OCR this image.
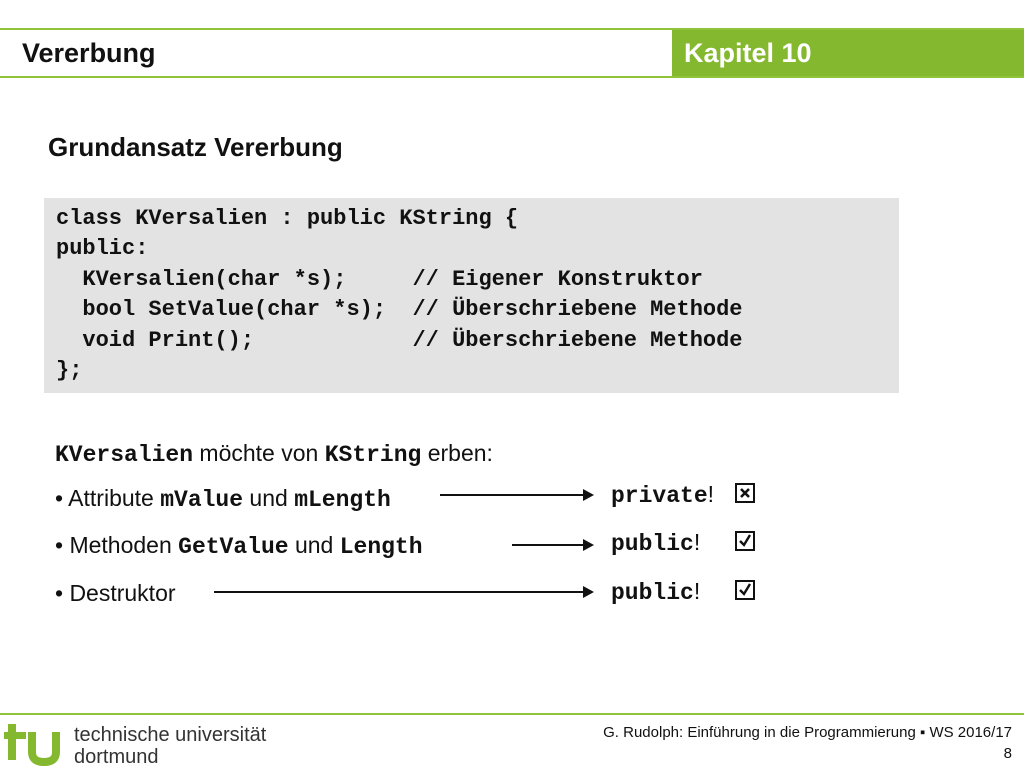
Vererbung	Kapitel 10
Grundansatz Vererbung
class KVersalien : public KString {
public:
KVersalien(char *s);     // Eigener Konstruktor
bool SetValue(char *s);  // Überschriebene Methode
void Print();            // Überschriebene Methode
};
KVersalien möchte von KString erben:
• Attribute mValue und mLength	private!
• Methoden GetValue und Length	public!
• Destruktor	public!
technische universität
dortmund
G. Rudolph: Einführung in die Programmierung ▪ WS 2016/17
8
